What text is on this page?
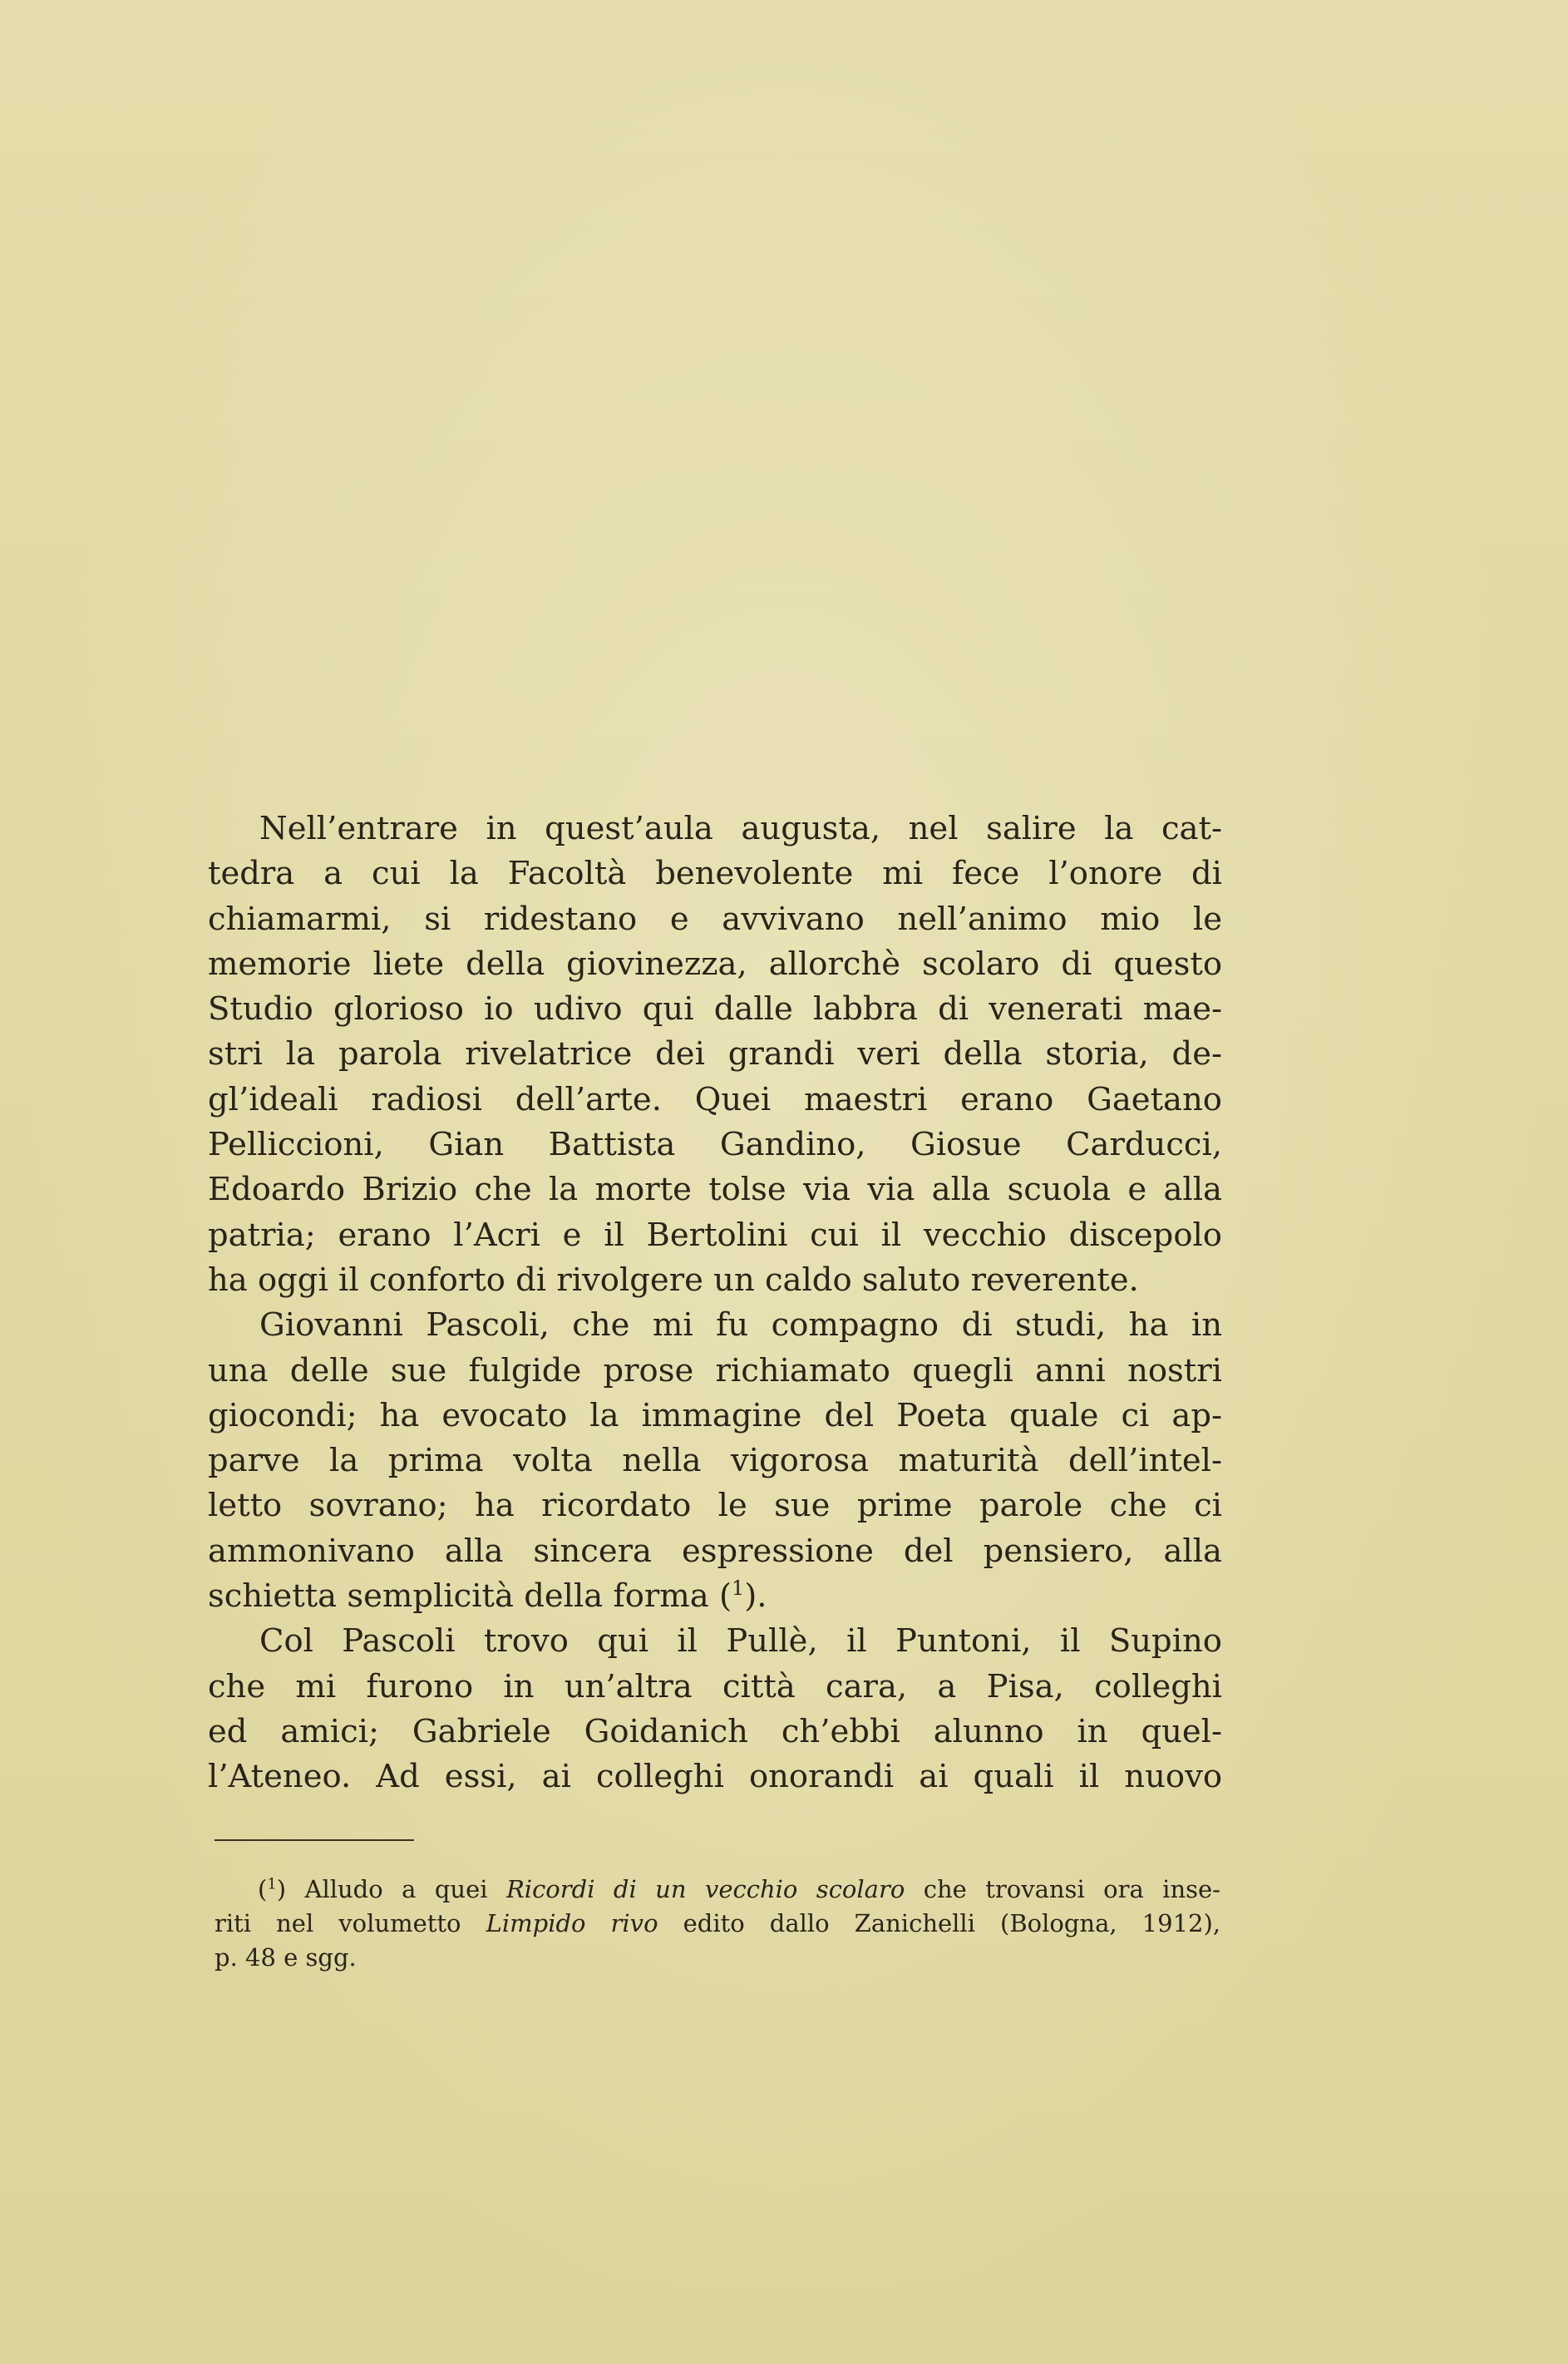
Nell’entrare in quest’aula augusta, nel salire la cat-
tedra a cui la Facoltà benevolente mi fece l’onore di
chiamarmi, si ridestano e avvivano nell’animo mio le
memorie liete della giovinezza, allorchè scolaro di questo
Studio glorioso io udivo qui dalle labbra di venerati mae-
stri la parola rivelatrice dei grandi veri della storia, de-
gl’ideali radiosi dell’arte. Quei maestri erano Gaetano
Pelliccioni, Gian Battista Gandino, Giosue Carducci,
Edoardo Brizio che la morte tolse via via alla scuola e alla
patria; erano l’Acri e il Bertolini cui il vecchio discepolo
ha oggi il conforto di rivolgere un caldo saluto reverente.
Giovanni Pascoli, che mi fu compagno di studi, ha in
una delle sue fulgide prose richiamato quegli anni nostri
giocondi; ha evocato la immagine del Poeta quale ci ap-
parve la prima volta nella vigorosa maturità dell’intel-
letto sovrano; ha ricordato le sue prime parole che ci
ammonivano alla sincera espressione del pensiero, alla
schietta semplicità della forma ($^1$).
Col Pascoli trovo qui il Pullè, il Puntoni, il Supino
che mi furono in un’altra città cara, a Pisa, colleghi
ed amici; Gabriele Goidanich ch’ebbi alunno in quel-
l’Ateneo. Ad essi, ai colleghi onorandi ai quali il nuovo
($^1$) Alludo a quei Ricordi di un vecchio scolaro che trovansi ora inse-
riti nel volumetto Limpido rivo edito dallo Zanichelli (Bologna, 1912),
p. 48 e sgg.
